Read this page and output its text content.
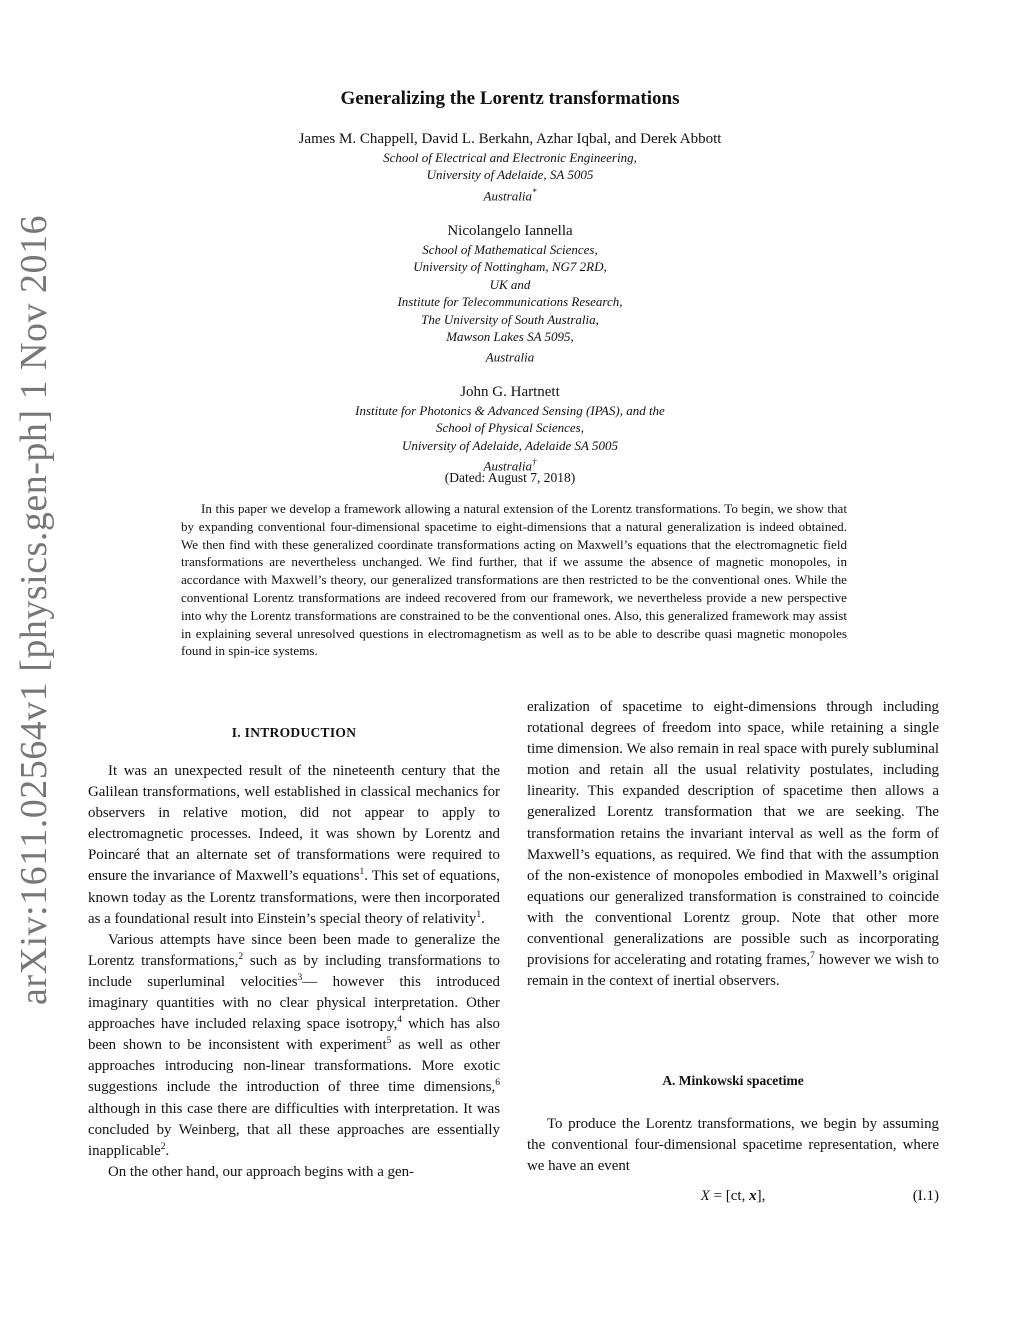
arXiv:1611.02564v1 [physics.gen-ph] 1 Nov 2016
Generalizing the Lorentz transformations
James M. Chappell, David L. Berkahn, Azhar Iqbal, and Derek Abbott
School of Electrical and Electronic Engineering,
University of Adelaide, SA 5005
Australia*
Nicolangelo Iannella
School of Mathematical Sciences,
University of Nottingham, NG7 2RD,
UK and
Institute for Telecommunications Research,
The University of South Australia,
Mawson Lakes SA 5095,
Australia
John G. Hartnett
Institute for Photonics & Advanced Sensing (IPAS), and the
School of Physical Sciences,
University of Adelaide, Adelaide SA 5005
Australia†
(Dated: August 7, 2018)

In this paper we develop a framework allowing a natural extension of the Lorentz transformations. To begin, we show that by expanding conventional four-dimensional spacetime to eight-dimensions that a natural generalization is indeed obtained. We then find with these generalized coordinate transformations acting on Maxwell’s equations that the electromagnetic field transformations are nevertheless unchanged. We find further, that if we assume the absence of magnetic monopoles, in accordance with Maxwell’s theory, our generalized transformations are then restricted to be the conventional ones. While the conventional Lorentz transformations are indeed recovered from our framework, we nevertheless provide a new perspective into why the Lorentz transformations are constrained to be the conventional ones. Also, this generalized framework may assist in explaining several unresolved questions in electromagnetism as well as to be able to describe quasi magnetic monopoles found in spin-ice systems.

I. INTRODUCTION

It was an unexpected result of the nineteenth century that the Galilean transformations, well established in classical mechanics for observers in relative motion, did not appear to apply to electromagnetic processes. Indeed, it was shown by Lorentz and Poincaré that an alternate set of transformations were required to ensure the invariance of Maxwell’s equations$^1$. This set of equations, known today as the Lorentz transformations, were then incorporated as a foundational result into Einstein’s special theory of relativity$^1$.

Various attempts have since been been made to generalize the Lorentz transformations,$^2$ such as by including transformations to include superluminal velocities$^3$— however this introduced imaginary quantities with no clear physical interpretation. Other approaches have included relaxing space isotropy,$^4$ which has also been shown to be inconsistent with experiment$^5$ as well as other approaches introducing non-linear transformations. More exotic suggestions include the introduction of three time dimensions,$^6$ although in this case there are difficulties with interpretation. It was concluded by Weinberg, that all these approaches are essentially inapplicable$^2$.

On the other hand, our approach begins with a gen-

eralization of spacetime to eight-dimensions through including rotational degrees of freedom into space, while retaining a single time dimension. We also remain in real space with purely subluminal motion and retain all the usual relativity postulates, including linearity. This expanded description of spacetime then allows a generalized Lorentz transformation that we are seeking. The transformation retains the invariant interval as well as the form of Maxwell’s equations, as required. We find that with the assumption of the non-existence of monopoles embodied in Maxwell’s original equations our generalized transformation is constrained to coincide with the conventional Lorentz group. Note that other more conventional generalizations are possible such as incorporating provisions for accelerating and rotating frames,$^7$ however we wish to remain in the context of inertial observers.

A. Minkowski spacetime

To produce the Lorentz transformations, we begin by assuming the conventional four-dimensional spacetime representation, where we have an event

X = [ct, x],	(I.1)
